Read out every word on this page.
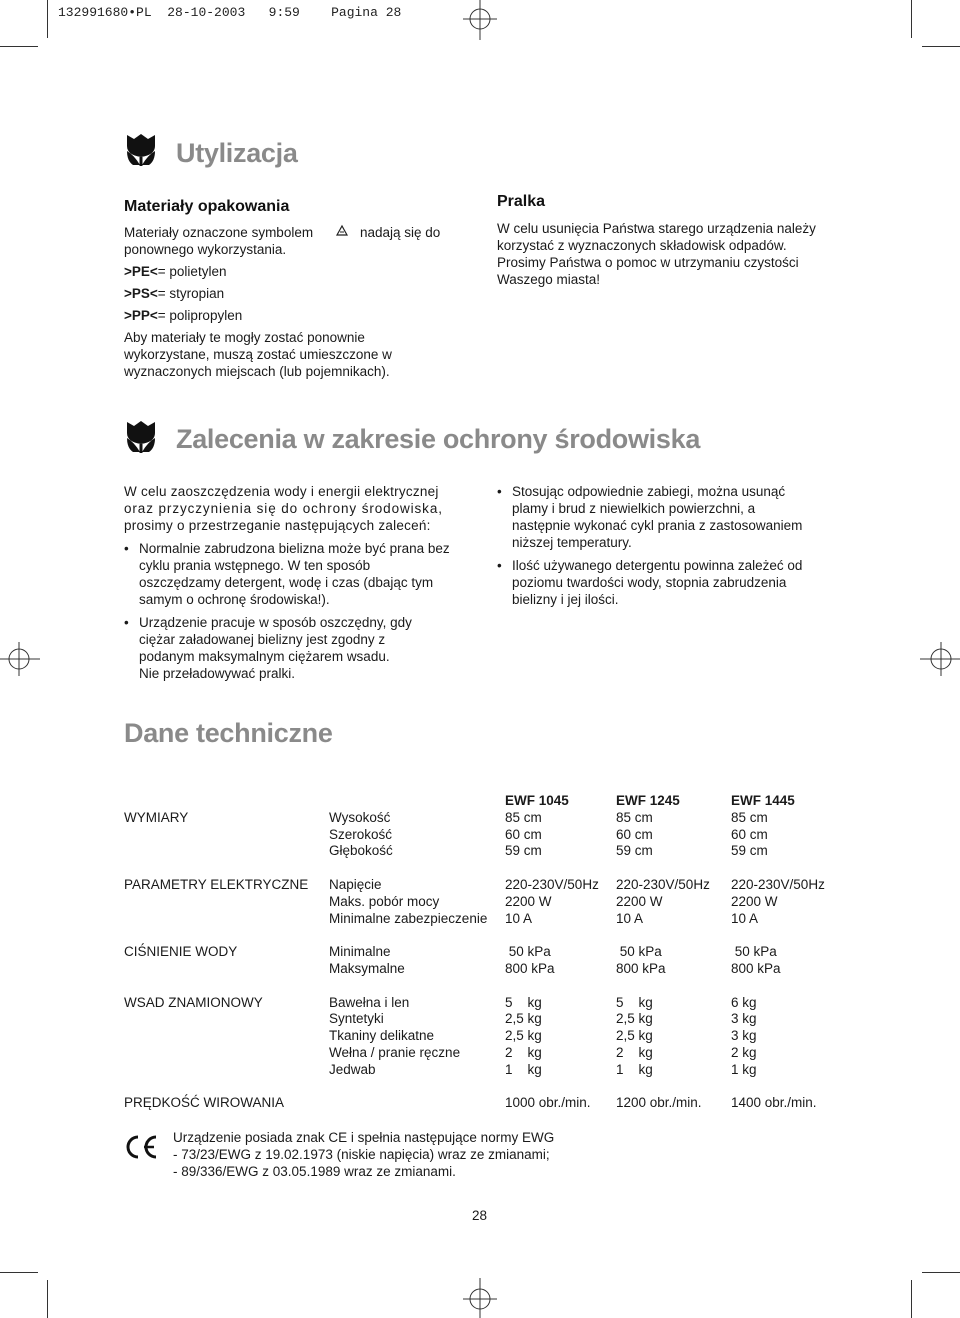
132991680•PL 28-10-2003 9:59 Pagina 28
Utylizacja
Materiały opakowania
Materiały oznaczone symbolem	nadają się do
ponownego wykorzystania.
>PE<= polietylen
>PS<= styropian
>PP<= polipropylen
Aby materiały te mogły zostać ponownie
wykorzystane, muszą zostać umieszczone w
wyznaczonych miejscach (lub pojemnikach).
Pralka
W celu usunięcia Państwa starego urządzenia należy
korzystać z wyznaczonych składowisk odpadów.
Prosimy Państwa o pomoc w utrzymaniu czystości
Waszego miasta!
Zalecenia w zakresie ochrony środowiska
W celu zaoszczędzenia wody i energii elektrycznej
oraz przyczynienia się do ochrony środowiska,
prosimy o przestrzeganie następujących zaleceń:
• Normalnie zabrudzona bielizna może być prana bez
cyklu prania wstępnego. W ten sposób
oszczędzamy detergent, wodę i czas (dbając tym
samym o ochronę środowiska!).
• Urządzenie pracuje w sposób oszczędny, gdy
ciężar załadowanej bielizny jest zgodny z
podanym maksymalnym ciężarem wsadu.
Nie przeładowywać pralki.
• Stosując odpowiednie zabiegi, można usunąć
plamy i brud z niewielkich powierzchni, a
następnie wykonać cykl prania z zastosowaniem
niższej temperatury.
• Ilość używanego detergentu powinna zależeć od
poziomu twardości wody, stopnia zabrudzenia
bielizny i jej ilości.
Dane techniczne
		EWF 1045	EWF 1245	EWF 1445
WYMIARY	Wysokość	85 cm	85 cm	85 cm
	Szerokość	60 cm	60 cm	60 cm
	Głębokość	59 cm	59 cm	59 cm
PARAMETRY ELEKTRYCZNE	Napięcie	220-230V/50Hz	220-230V/50Hz	220-230V/50Hz
	Maks. pobór mocy	2200 W	2200 W	2200 W
	Minimalne zabezpieczenie	10 A	10 A	10 A
CIŚNIENIE WODY	Minimalne	50 kPa	50 kPa	50 kPa
	Maksymalne	800 kPa	800 kPa	800 kPa
WSAD ZNAMIONOWY	Bawełna i len	5    kg	5    kg	6 kg
	Syntetyki	2,5 kg	2,5 kg	3 kg
	Tkaniny delikatne	2,5 kg	2,5 kg	3 kg
	Wełna / pranie ręczne	2    kg	2    kg	2 kg
	Jedwab	1    kg	1    kg	1 kg
PRĘDKOŚĆ WIROWANIA		1000 obr./min.	1200 obr./min.	1400 obr./min.
Urządzenie posiada znak CE i spełnia następujące normy EWG
- 73/23/EWG z 19.02.1973 (niskie napięcia) wraz ze zmianami;
- 89/336/EWG z 03.05.1989 wraz ze zmianami.
28
